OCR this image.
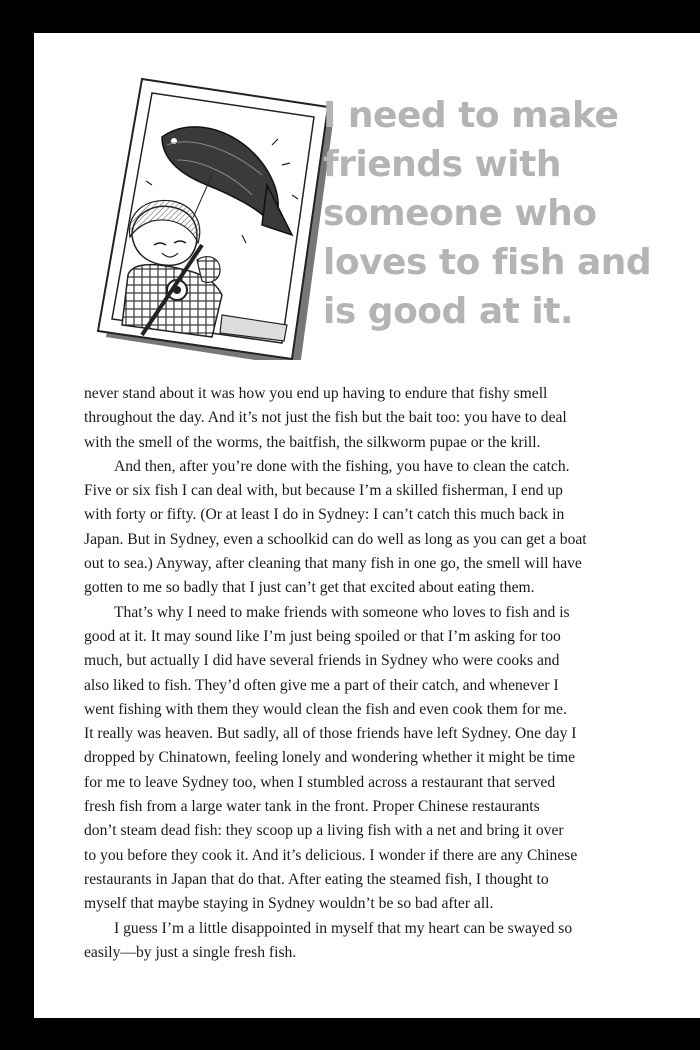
I need to make
friends with
someone who
loves to fish and
is good at it.
never stand about it was how you end up having to endure that fishy smell
throughout the day. And it’s not just the fish but the bait too: you have to deal
with the smell of the worms, the baitfish, the silkworm pupae or the krill.
And then, after you’re done with the fishing, you have to clean the catch.
Five or six fish I can deal with, but because I’m a skilled fisherman, I end up
with forty or fifty. (Or at least I do in Sydney: I can’t catch this much back in
Japan. But in Sydney, even a schoolkid can do well as long as you can get a boat
out to sea.) Anyway, after cleaning that many fish in one go, the smell will have
gotten to me so badly that I just can’t get that excited about eating them.
That’s why I need to make friends with someone who loves to fish and is
good at it. It may sound like I’m just being spoiled or that I’m asking for too
much, but actually I did have several friends in Sydney who were cooks and
also liked to fish. They’d often give me a part of their catch, and whenever I
went fishing with them they would clean the fish and even cook them for me.
It really was heaven. But sadly, all of those friends have left Sydney. One day I
dropped by Chinatown, feeling lonely and wondering whether it might be time
for me to leave Sydney too, when I stumbled across a restaurant that served
fresh fish from a large water tank in the front. Proper Chinese restaurants
don’t steam dead fish: they scoop up a living fish with a net and bring it over
to you before they cook it. And it’s delicious. I wonder if there are any Chinese
restaurants in Japan that do that. After eating the steamed fish, I thought to
myself that maybe staying in Sydney wouldn’t be so bad after all.
I guess I’m a little disappointed in myself that my heart can be swayed so
easily—by just a single fresh fish.
